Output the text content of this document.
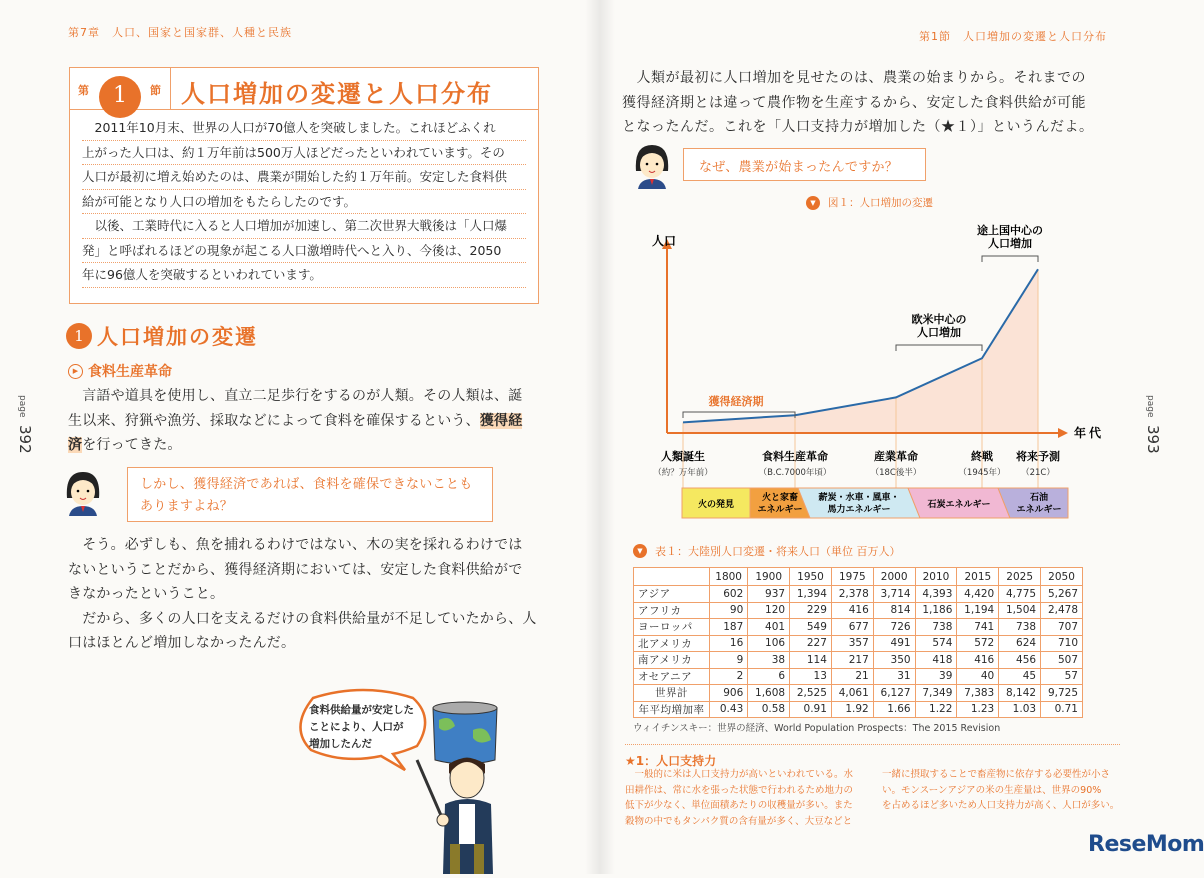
第7章　人口、国家と国家群、人種と民族
第	1	節 人口増加の変遷と人口分布
　2011年10月末、世界の人口が70億人を突破しました。これほどふくれ
上がった人口は、約１万年前は500万人ほどだったといわれています。その
人口が最初に増え始めたのは、農業が開始した約１万年前。安定した食料供
給が可能となり人口の増加をもたらしたのです。
　以後、工業時代に入ると人口増加が加速し、第二次世界大戦後は「人口爆
発」と呼ばれるほどの現象が起こる人口激増時代へと入り、今後は、2050
年に96億人を突破するといわれています。
1 人口増加の変遷
▶ 食料生産革命
　言語や道具を使用し、直立二足歩行をするのが人類。その人類は、誕
生以来、狩猟や漁労、採取などによって食料を確保するという、獲得経
済を行ってきた。
しかし、獲得経済であれば、食料を確保できないことも
ありますよね？
　そう。必ずしも、魚を捕れるわけではない、木の実を採れるわけでは
ないということだから、獲得経済期においては、安定した食料供給がで
きなかったということ。
　だから、多くの人口を支えるだけの食料供給量が不足していたから、人
口はほとんど増加しなかったんだ。
食料供給量が安定した
ことにより、人口が
増加したんだ
page392
第1節　人口増加の変遷と人口分布
　人類が最初に人口増加を見せたのは、農業の始まりから。それまでの
獲得経済期とは違って農作物を生産するから、安定した食料供給が可能
となったんだ。これを「人口支持力が増加した（★１）」というんだよ。
なぜ、農業が始まったんですか？
▼	図１：人口増加の変遷
人口
年代
人類誕生
（約？万年前）
食料生産革命
（B.C.7000年頃）
産業革命
（18C後半）
終戦
（1945年）
将来予測
（21C）
獲得経済期
欧米中心の
人口増加
途上国中心の
人口増加
火の発見
火と家畜
エネルギー
薪炭・水車・風車・
馬力エネルギー	石炭エネルギー
石油
エネルギー
▼	表１：大陸別人口変遷・将来人口（単位 百万人）
	1800	1900	1950	1975	2000	2010	2015	2025	2050
アジア	602	937	1,394	2,378	3,714	4,393	4,420	4,775	5,267
アフリカ	90	120	229	416	814	1,186	1,194	1,504	2,478
ヨーロッパ	187	401	549	677	726	738	741	738	707
北アメリカ	16	106	227	357	491	574	572	624	710
南アメリカ	9	38	114	217	350	418	416	456	507
オセアニア	2	6	13	21	31	39	40	45	57
世界計	906	1,608	2,525	4,061	6,127	7,349	7,383	8,142	9,725
年平均増加率	0.43	0.58	0.91	1.92	1.66	1.22	1.23	1.03	0.71
ウィイチンスキー：世界の経済、World Population Prospects：The 2015 Revision
★1：人口支持力
　一般的に米は人口支持力が高いといわれている。水
田耕作は、常に水を張った状態で行われるため地力の
低下が少なく、単位面積あたりの収穫量が多い。また
穀物の中でもタンパク質の含有量が多く、大豆などと
一緒に摂取することで畜産物に依存する必要性が小さ
い。モンスーンアジアの米の生産量は、世界の90%
を占めるほど多いため人口支持力が高く、人口が多い。
page393
ReseMom
